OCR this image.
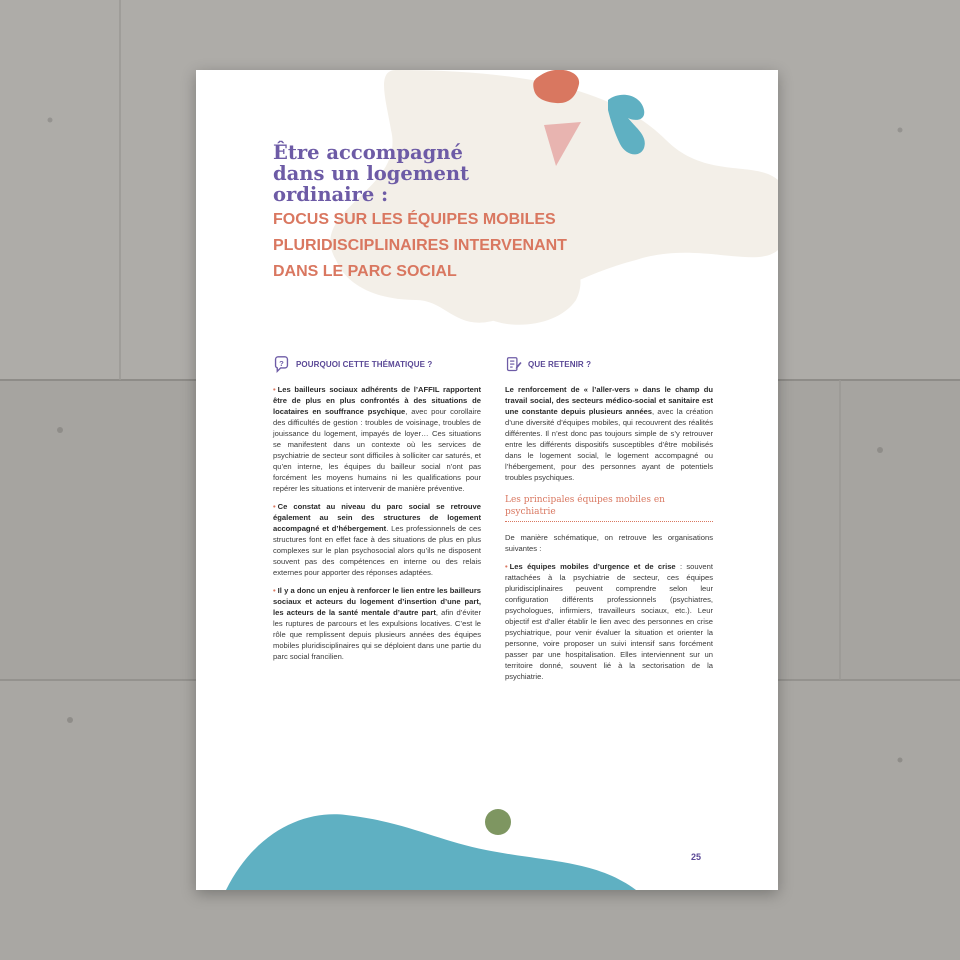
Être accompagné
dans un logement
ordinaire :
FOCUS SUR LES ÉQUIPES MOBILES
PLURIDISCIPLINAIRES INTERVENANT
DANS LE PARC SOCIAL
? POURQUOI CETTE THÉMATIQUE ?

• Les bailleurs sociaux adhérents de l’AFFIL rapportent être de plus en plus confrontés à des situations de locataires en souffrance psychique, avec pour corollaire des difficultés de gestion : troubles de voisinage, troubles de jouissance du logement, impayés de loyer… Ces situations se manifestent dans un contexte où les services de psychiatrie de secteur sont difficiles à solliciter car saturés, et qu’en interne, les équipes du bailleur social n’ont pas forcément les moyens humains ni les qualifications pour repérer les situations et intervenir de manière préventive.

• Ce constat au niveau du parc social se retrouve également au sein des structures de logement accompagné et d’hébergement. Les professionnels de ces structures font en effet face à des situations de plus en plus complexes sur le plan psychosocial alors qu’ils ne disposent souvent pas des compétences en interne ou des relais externes pour apporter des réponses adaptées.

• Il y a donc un enjeu à renforcer le lien entre les bailleurs sociaux et acteurs du logement d’insertion d’une part, les acteurs de la santé mentale d’autre part, afin d’éviter les ruptures de parcours et les expulsions locatives. C’est le rôle que remplissent depuis plusieurs années des équipes mobiles pluridisciplinaires qui se déploient dans une partie du parc social francilien.

QUE RETENIR ?

Le renforcement de « l’aller-vers » dans le champ du travail social, des secteurs médico-social et sanitaire est une constante depuis plusieurs années, avec la création d’une diversité d’équipes mobiles, qui recouvrent des réalités différentes. Il n’est donc pas toujours simple de s’y retrouver entre les différents dispositifs susceptibles d’être mobilisés dans le logement social, le logement accompagné ou l’hébergement, pour des personnes ayant de potentiels troubles psychiques.

Les principales équipes mobiles en psychiatrie

De manière schématique, on retrouve les organisations suivantes :

• Les équipes mobiles d’urgence et de crise : souvent rattachées à la psychiatrie de secteur, ces équipes pluridisciplinaires peuvent comprendre selon leur configuration différents professionnels (psychiatres, psychologues, infirmiers, travailleurs sociaux, etc.). Leur objectif est d’aller établir le lien avec des personnes en crise psychiatrique, pour venir évaluer la situation et orienter la personne, voire proposer un suivi intensif sans forcément passer par une hospitalisation. Elles interviennent sur un territoire donné, souvent lié à la sectorisation de la psychiatrie.

25
